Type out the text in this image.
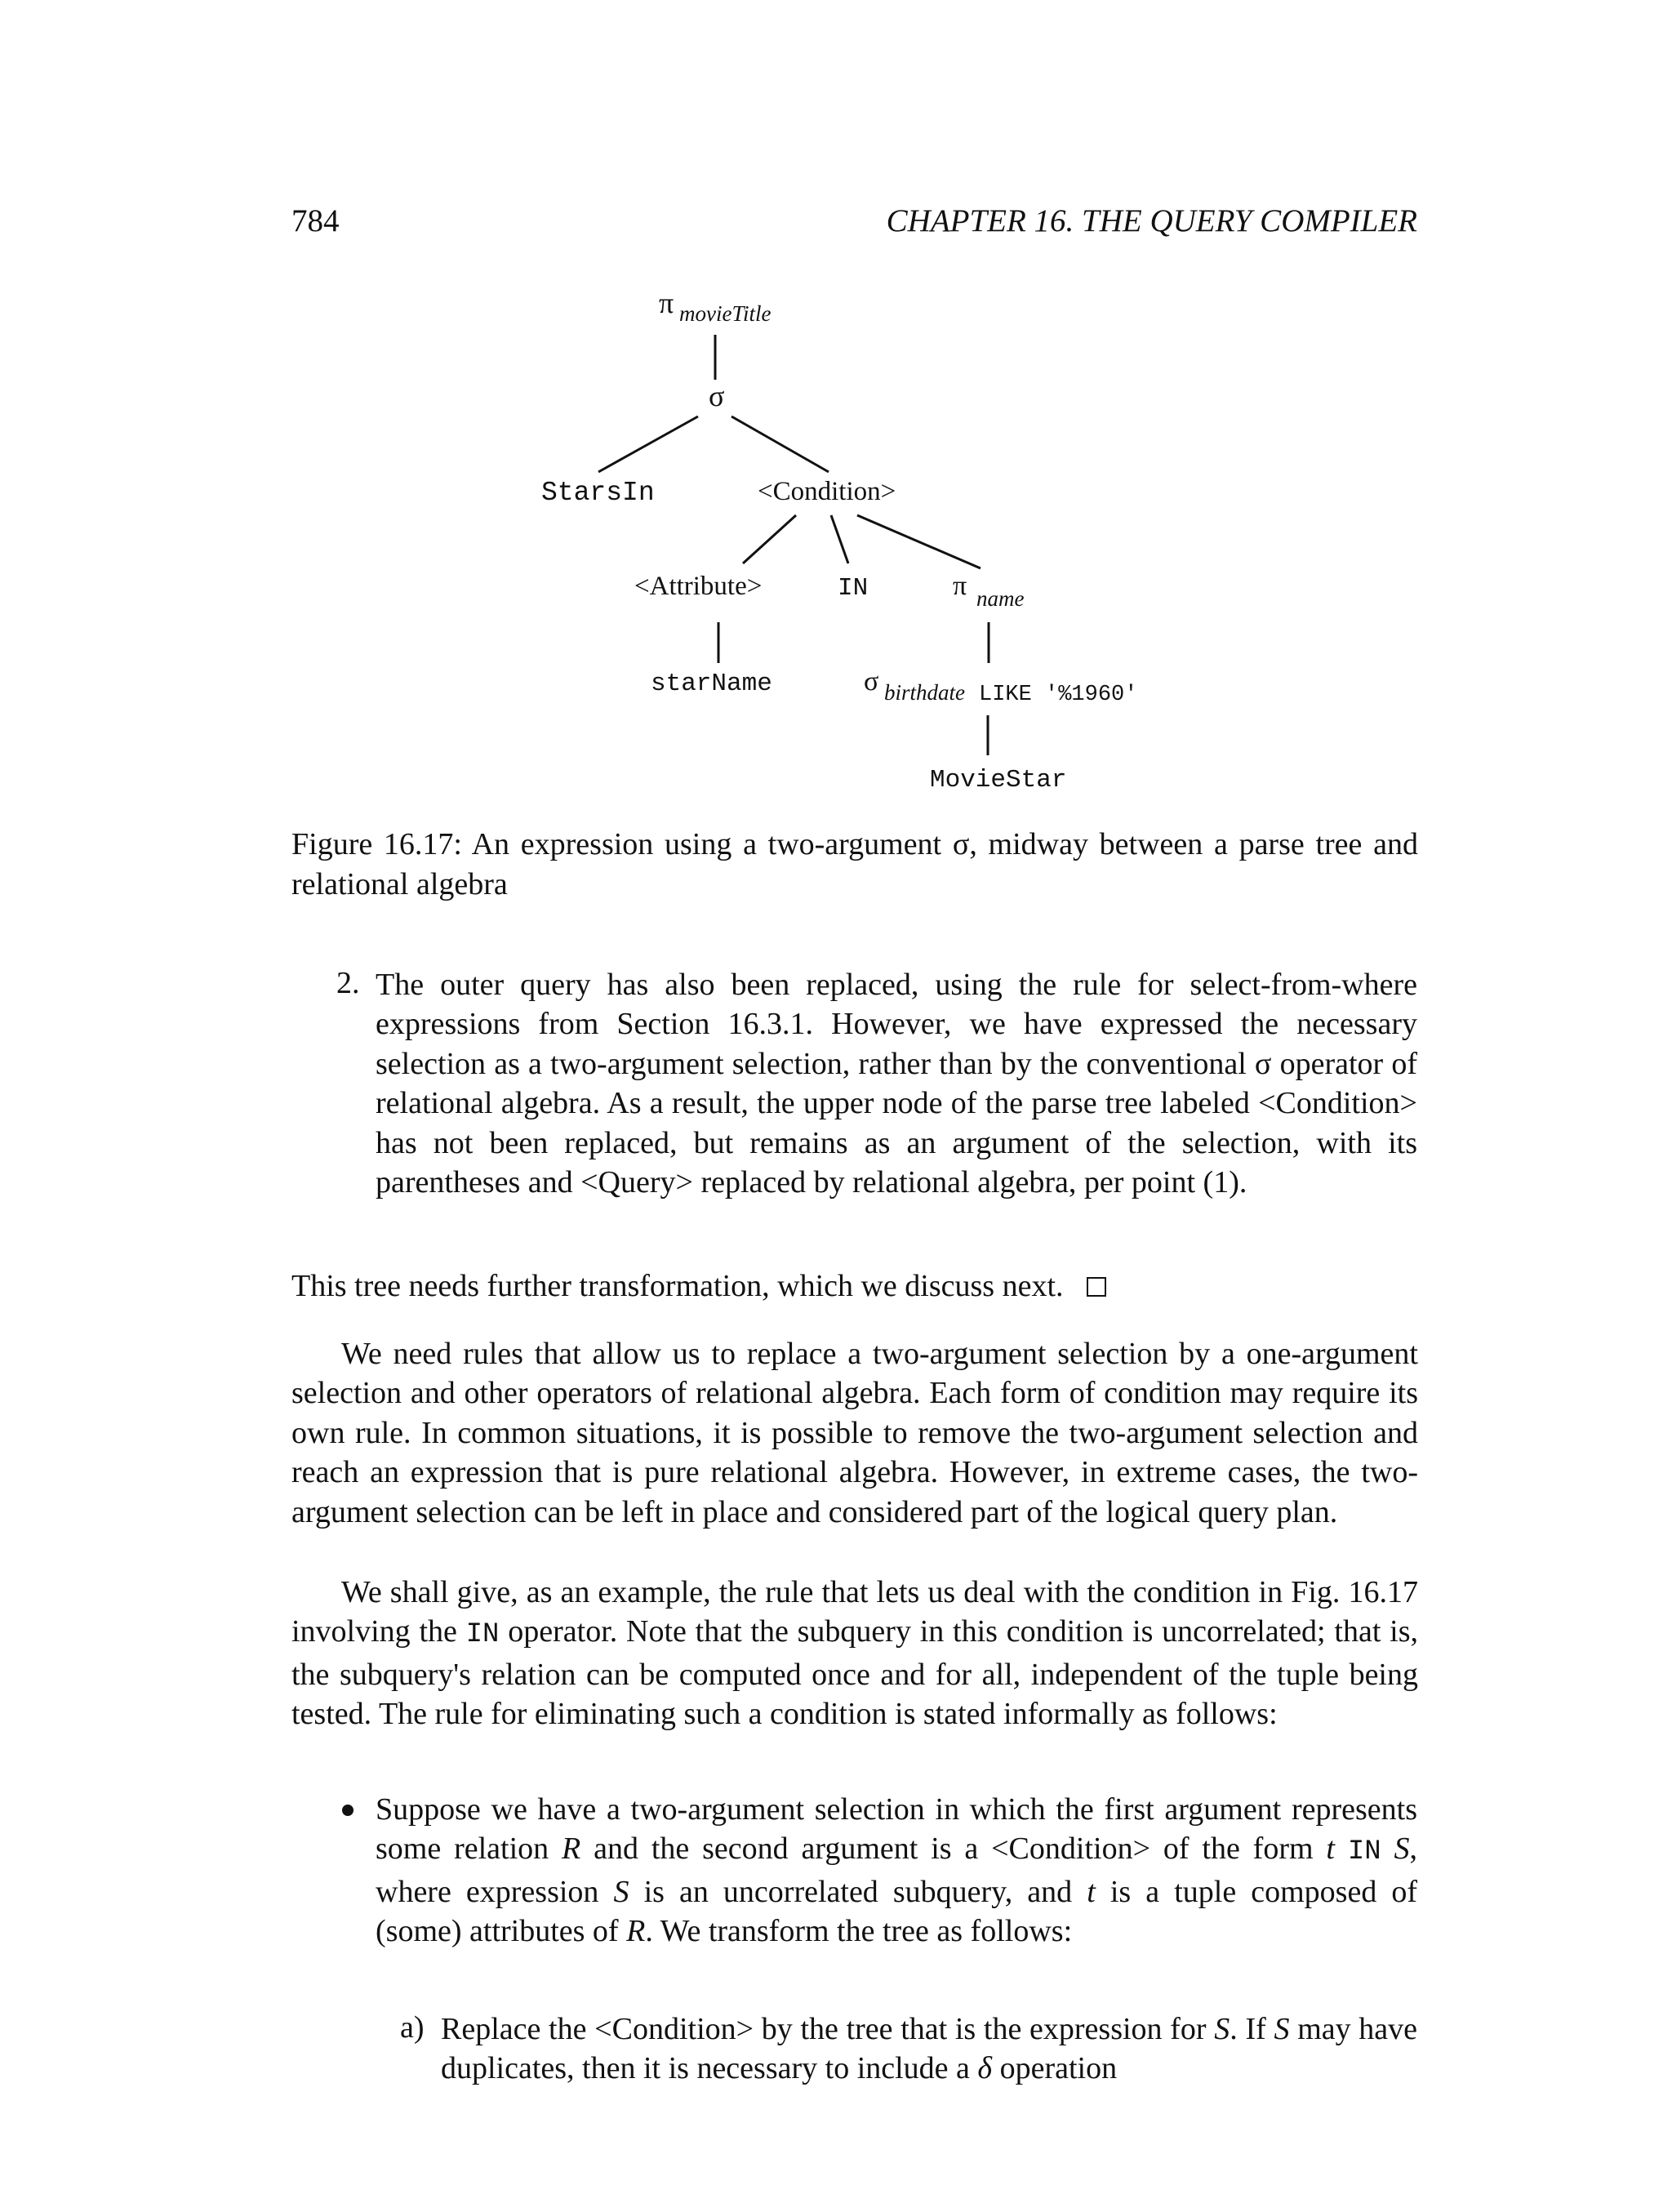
784	CHAPTER 16. THE QUERY COMPILER
π movieTitle
σ
StarsIn	<Condition>
<Attribute>	IN	π name
starName	σ birthdate LIKE '%1960'
MovieStar
Figure 16.17: An expression using a two-argument σ, midway between a parse tree and relational algebra
2. The outer query has also been replaced, using the rule for select-from-where expressions from Section 16.3.1. However, we have expressed the necessary selection as a two-argument selection, rather than by the conventional σ operator of relational algebra. As a result, the upper node of the parse tree labeled <Condition> has not been replaced, but remains as an argument of the selection, with its parentheses and <Query> replaced by relational algebra, per point (1).
This tree needs further transformation, which we discuss next.
We need rules that allow us to replace a two-argument selection by a one-argument selection and other operators of relational algebra. Each form of condition may require its own rule. In common situations, it is possible to remove the two-argument selection and reach an expression that is pure relational algebra. However, in extreme cases, the two-argument selection can be left in place and considered part of the logical query plan.
We shall give, as an example, the rule that lets us deal with the condition in Fig. 16.17 involving the IN operator. Note that the subquery in this condition is uncorrelated; that is, the subquery's relation can be computed once and for all, independent of the tuple being tested. The rule for eliminating such a condition is stated informally as follows:
Suppose we have a two-argument selection in which the first argument represents some relation R and the second argument is a <Condition> of the form t IN S, where expression S is an uncorrelated subquery, and t is a tuple composed of (some) attributes of R. We transform the tree as follows:
a) Replace the <Condition> by the tree that is the expression for S. If S may have duplicates, then it is necessary to include a δ operation
